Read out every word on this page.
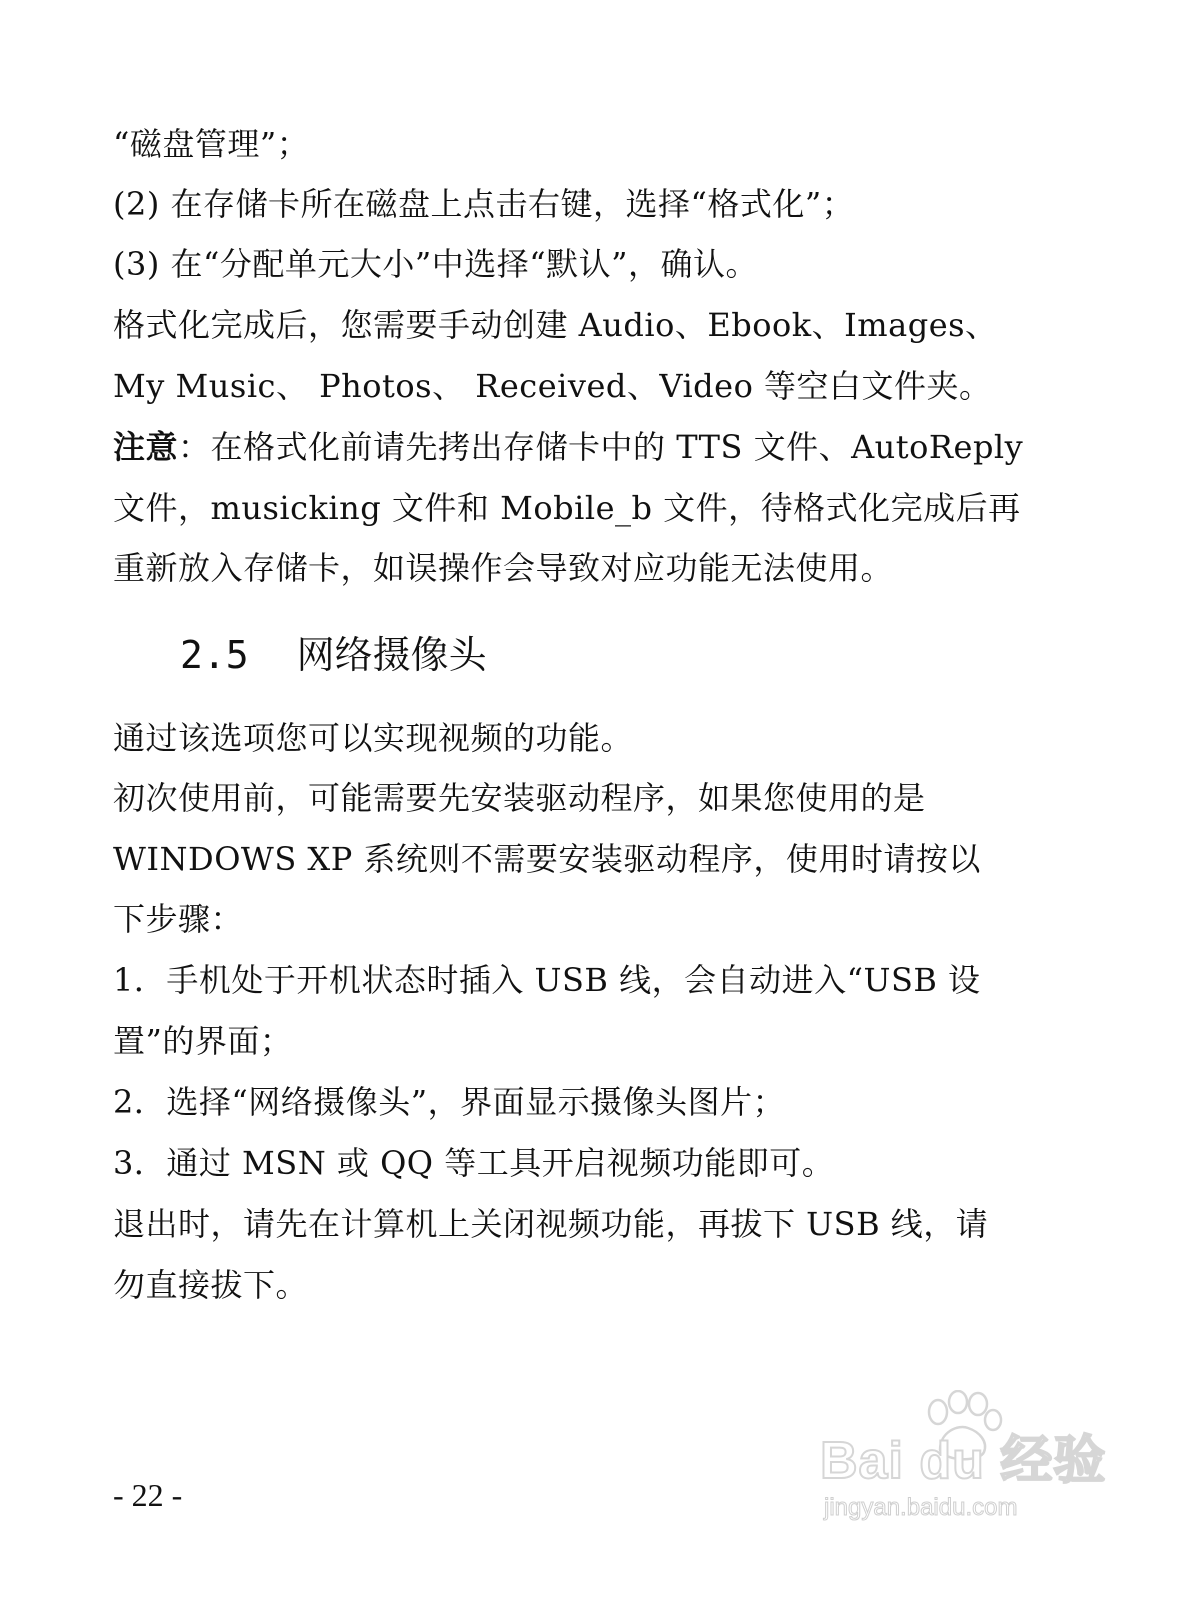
“磁盘管理”；
(2) 在存储卡所在磁盘上点击右键，选择“格式化”；
(3) 在“分配单元大小”中选择“默认”，确认。
格式化完成后，您需要手动创建 Audio、Ebook、Images、
My Music、 Photos、 Received、Video 等空白文件夹。
注意：在格式化前请先拷出存储卡中的 TTS 文件、AutoReply
文件，musicking 文件和 Mobile_b 文件，待格式化完成后再
重新放入存储卡，如误操作会导致对应功能无法使用。
2.5 网络摄像头
通过该选项您可以实现视频的功能。
初次使用前，可能需要先安装驱动程序，如果您使用的是
WINDOWS XP 系统则不需要安装驱动程序，使用时请按以
下步骤：
1．手机处于开机状态时插入 USB 线，会自动进入“USB 设
置”的界面；
2．选择“网络摄像头”，界面显示摄像头图片；
3．通过 MSN 或 QQ 等工具开启视频功能即可。
退出时，请先在计算机上关闭视频功能，再拔下 USB 线，请
勿直接拔下。
- 22 -
Bai du 经验
jingyan.baidu.com
